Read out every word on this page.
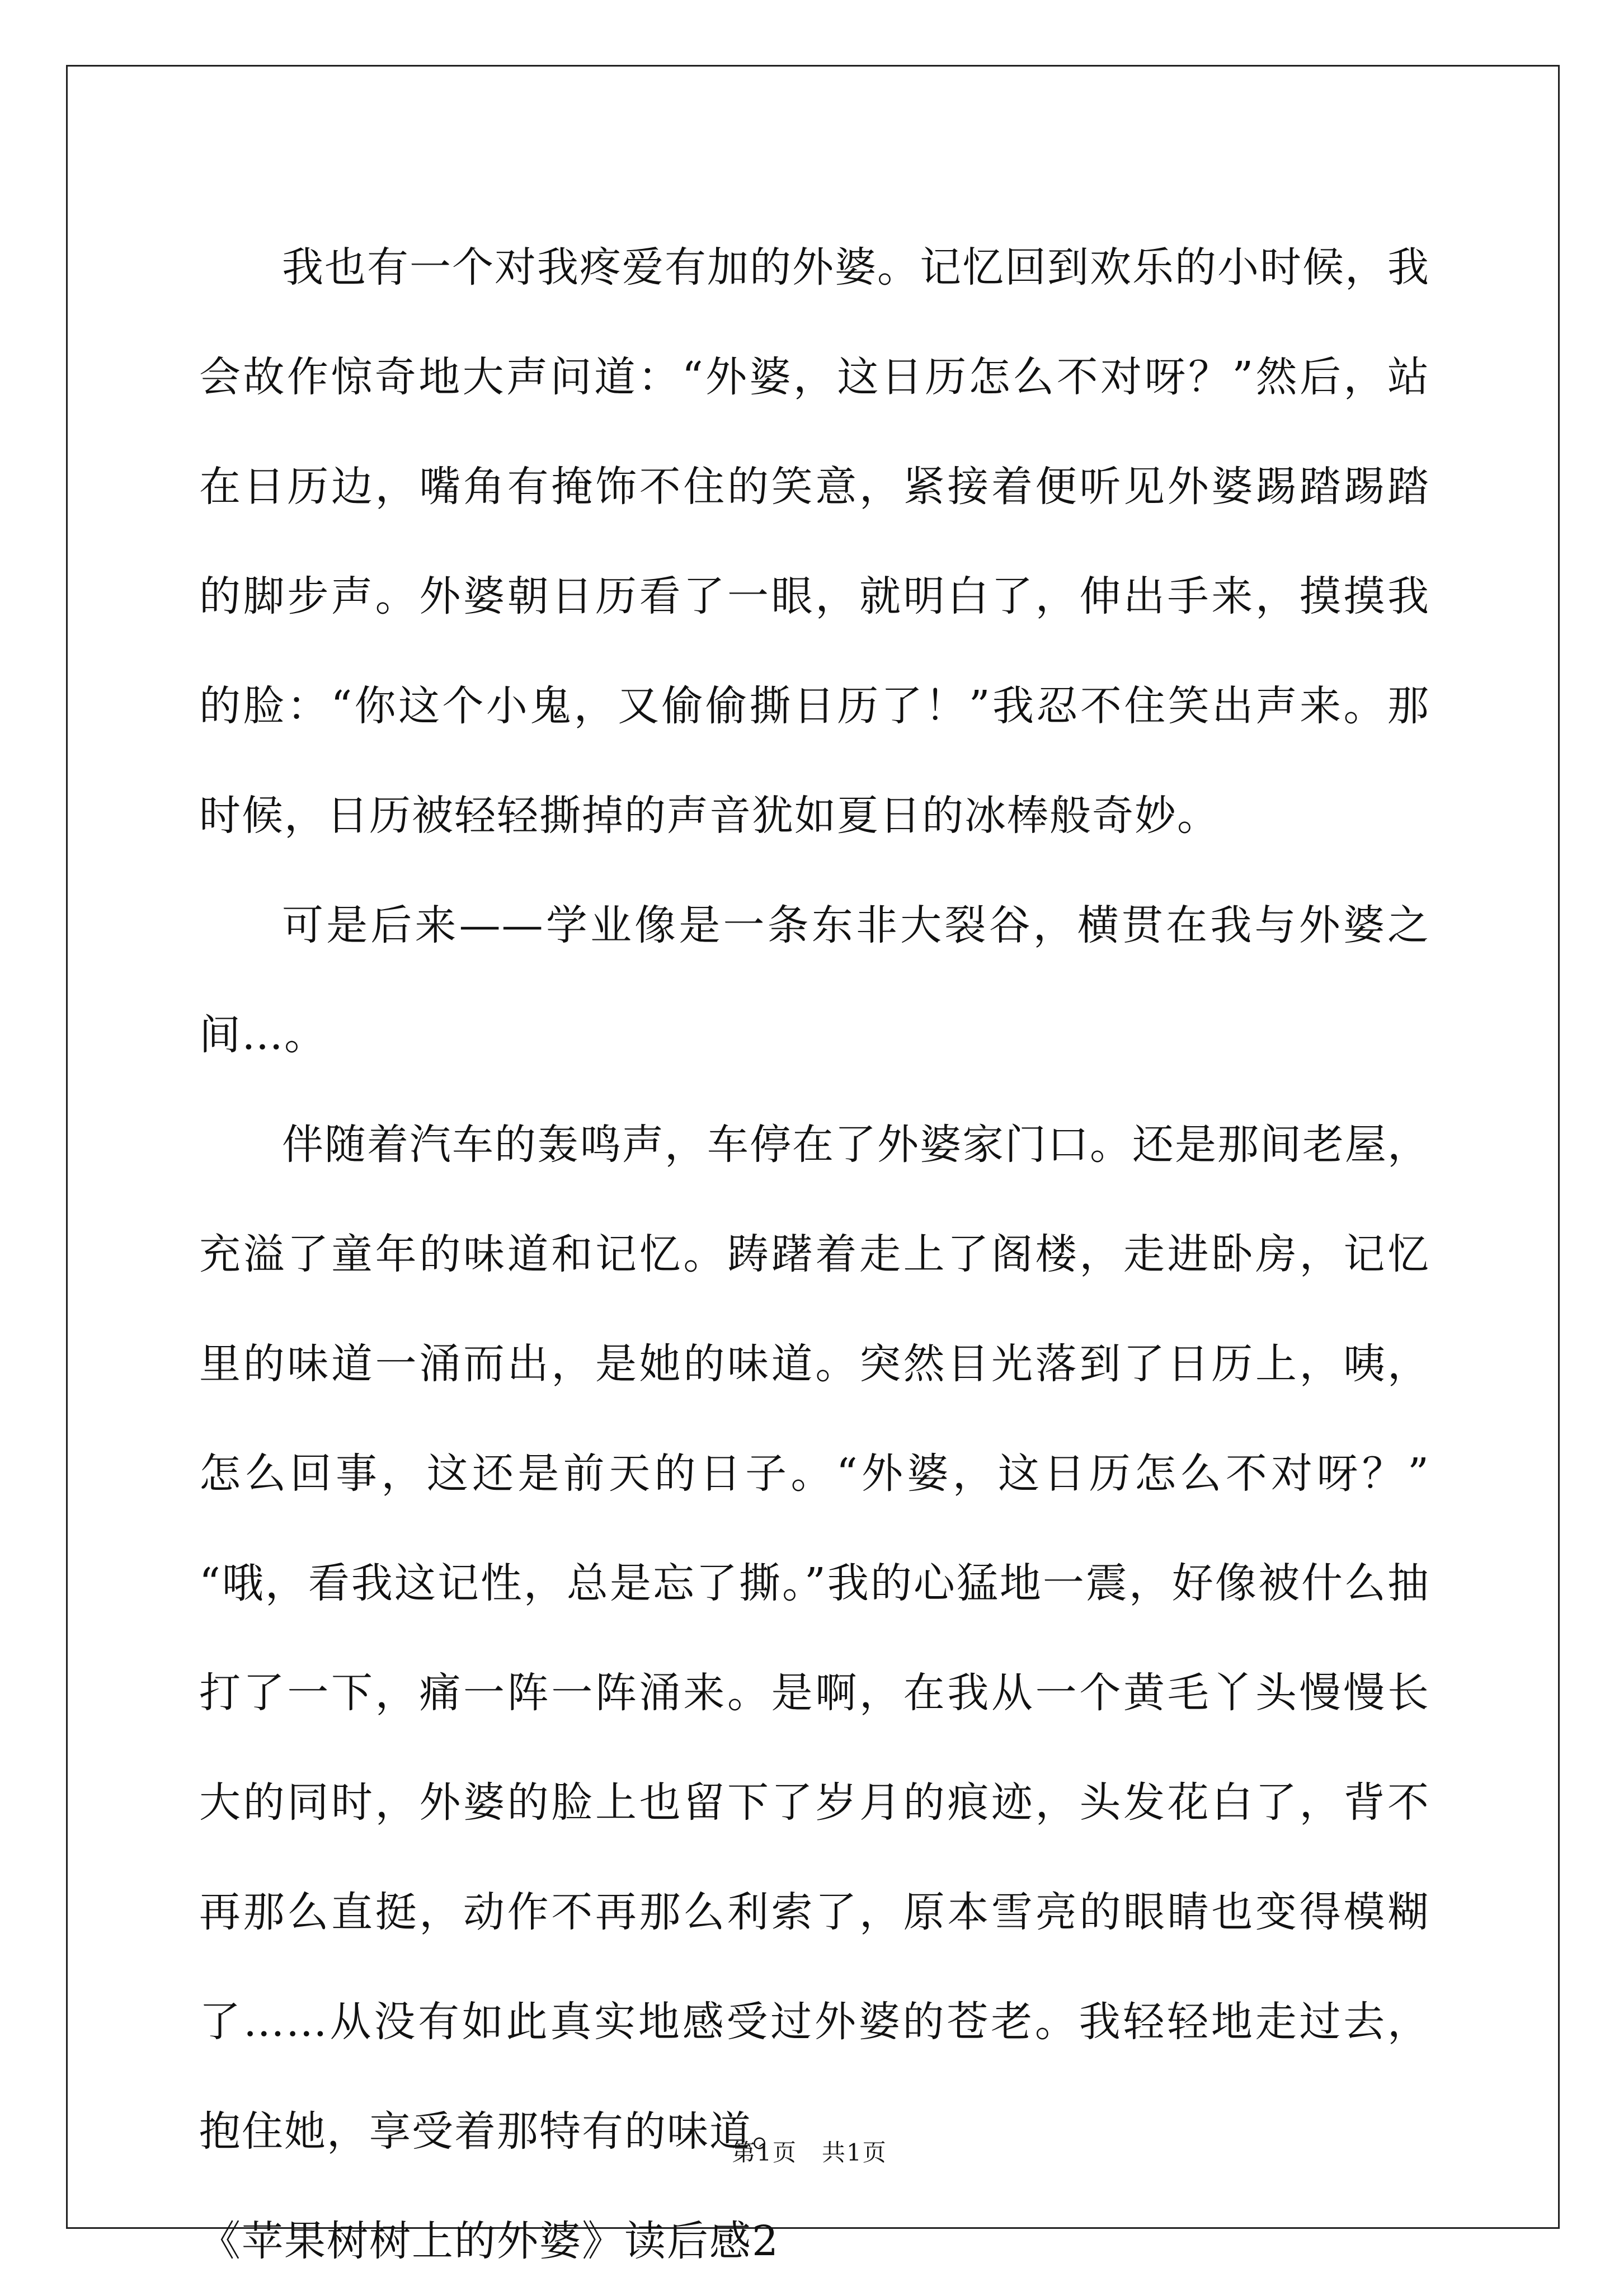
我也有一个对我疼爱有加的外婆。记忆回到欢乐的小时候，我会故作惊奇地大声问道：“外婆，这日历怎么不对呀？”然后，站在日历边，嘴角有掩饰不住的笑意，紧接着便听见外婆踢踏踢踏的脚步声。外婆朝日历看了一眼，就明白了，伸出手来，摸摸我的脸：“你这个小鬼，又偷偷撕日历了！”我忍不住笑出声来。那时候，日历被轻轻撕掉的声音犹如夏日的冰棒般奇妙。

可是后来——学业像是一条东非大裂谷，横贯在我与外婆之间…。

伴随着汽车的轰鸣声，车停在了外婆家门口。还是那间老屋，充溢了童年的味道和记忆。踌躇着走上了阁楼，走进卧房，记忆里的味道一涌而出，是她的味道。突然目光落到了日历上，咦，怎么回事，这还是前天的日子。“外婆，这日历怎么不对呀？” “哦，看我这记性，总是忘了撕。”我的心猛地一震，好像被什么抽打了一下，痛一阵一阵涌来。是啊，在我从一个黄毛丫头慢慢长大的同时，外婆的脸上也留下了岁月的痕迹，头发花白了，背不再那么直挺，动作不再那么利索了，原本雪亮的眼睛也变得模糊了……从没有如此真实地感受过外婆的苍老。我轻轻地走过去，抱住她，享受着那特有的味道。

《苹果树树上的外婆》读后感2

第1页　共1页
